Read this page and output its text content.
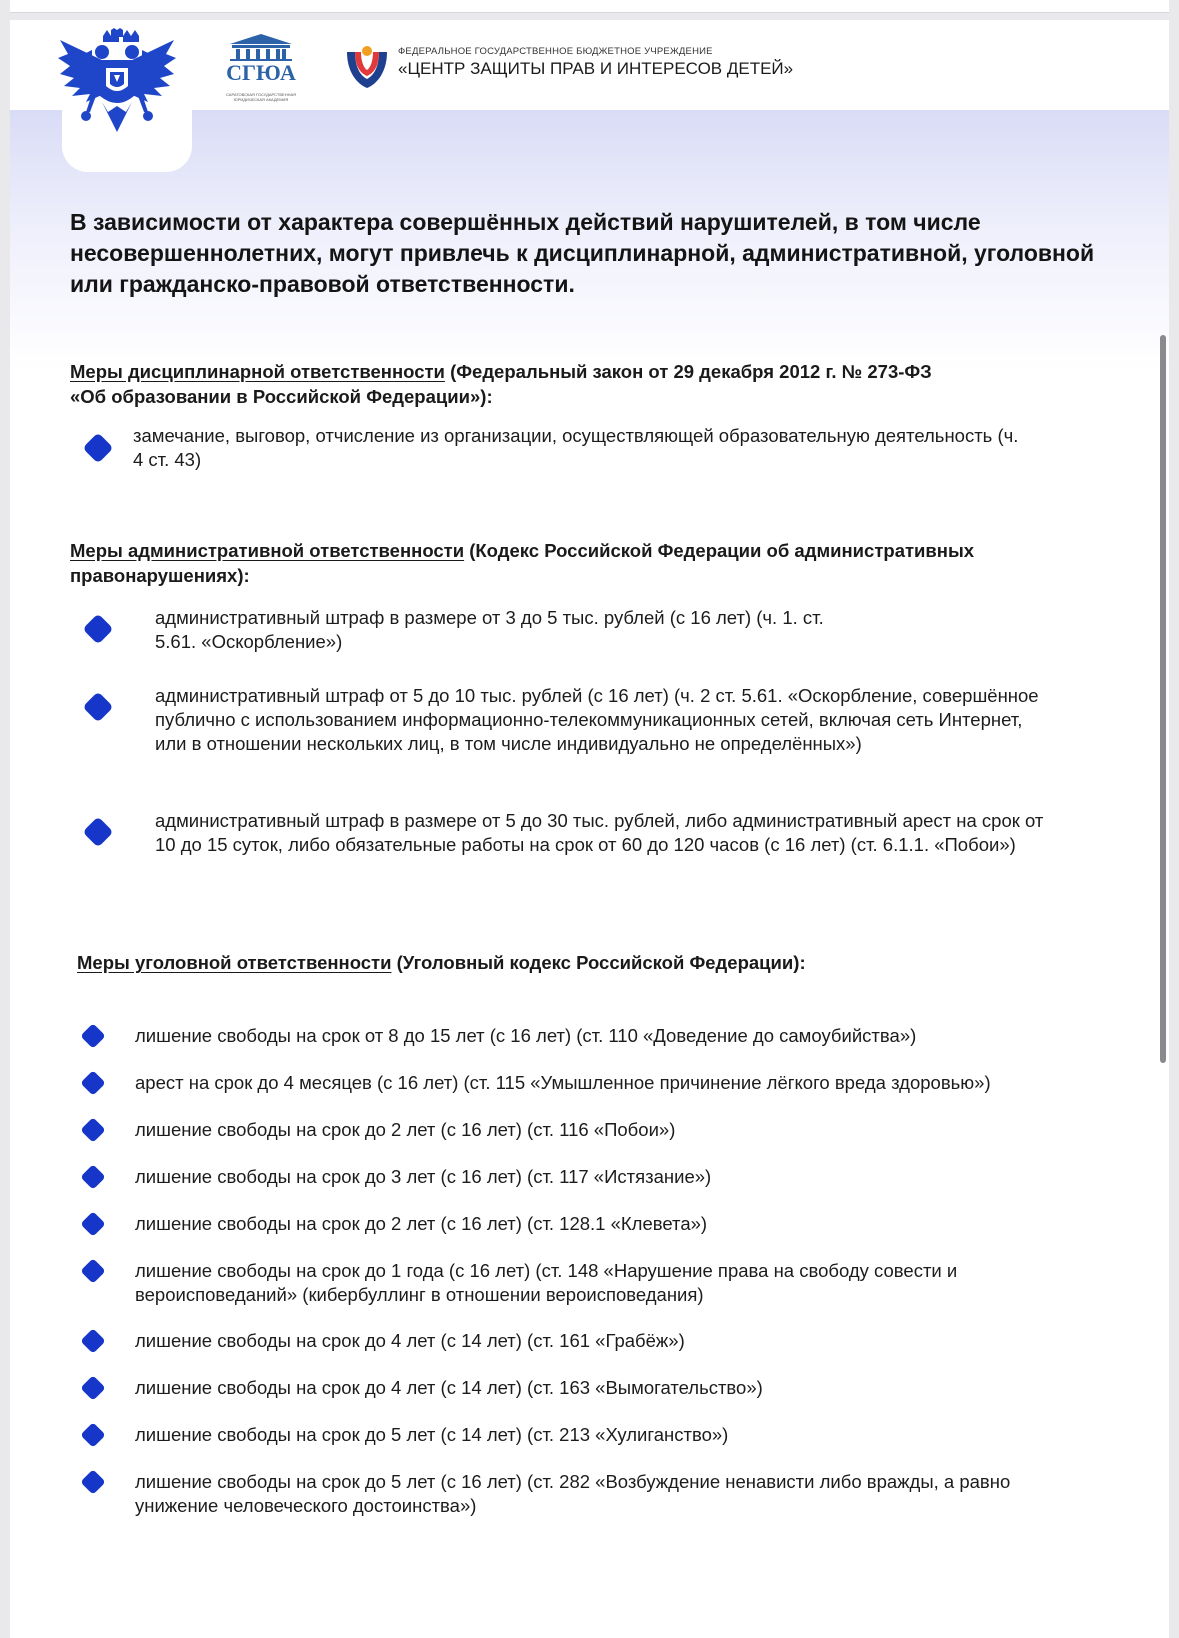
СГЮА
САРАТОВСКАЯ ГОСУДАРСТВЕННАЯ ЮРИДИЧЕСКАЯ АКАДЕМИЯ
ФЕДЕРАЛЬНОЕ ГОСУДАРСТВЕННОЕ БЮДЖЕТНОЕ УЧРЕЖДЕНИЕ
«ЦЕНТР ЗАЩИТЫ ПРАВ И ИНТЕРЕСОВ ДЕТЕЙ»
В зависимости от характера совершённых действий нарушителей, в том числе несовершеннолетних, могут привлечь к дисциплинарной, административной, уголовной или гражданско-правовой ответственности.
Меры дисциплинарной ответственности (Федеральный закон от 29 декабря 2012 г. № 273-ФЗ «Об образовании в Российской Федерации»):
замечание, выговор, отчисление из организации, осуществляющей образовательную деятельность (ч. 4 ст. 43)
Меры административной ответственности (Кодекс Российской Федерации об административных правонарушениях):
административный штраф в размере от 3 до 5 тыс. рублей (с 16 лет) (ч. 1. ст. 5.61. «Оскорбление»)
административный штраф от 5 до 10 тыс. рублей (с 16 лет) (ч. 2 ст. 5.61. «Оскорбление, совершённое публично с использованием информационно-телекоммуникационных сетей, включая сеть Интернет, или в отношении нескольких лиц, в том числе индивидуально не определённых»)
административный штраф в размере от 5 до 30 тыс. рублей, либо административный арест на срок от 10 до 15 суток, либо обязательные работы на срок от 60 до 120 часов (с 16 лет) (ст. 6.1.1. «Побои»)
Меры уголовной ответственности (Уголовный кодекс Российской Федерации):
лишение свободы на срок от 8 до 15 лет (с 16 лет) (ст. 110 «Доведение до самоубийства»)
арест на срок до 4 месяцев (с 16 лет) (ст. 115 «Умышленное причинение лёгкого вреда здоровью»)
лишение свободы на срок до 2 лет (с 16 лет) (ст. 116 «Побои»)
лишение свободы на срок до 3 лет (с 16 лет) (ст. 117 «Истязание»)
лишение свободы на срок до 2 лет (с 16 лет) (ст. 128.1 «Клевета»)
лишение свободы на срок до 1 года (с 16 лет) (ст. 148 «Нарушение права на свободу совести и вероисповеданий» (кибербуллинг в отношении вероисповедания)
лишение свободы на срок до 4 лет (с 14 лет) (ст. 161 «Грабёж»)
лишение свободы на срок до 4 лет (с 14 лет) (ст. 163 «Вымогательство»)
лишение свободы на срок до 5 лет (с 14 лет) (ст. 213 «Хулиганство»)
лишение свободы на срок до 5 лет (с 16 лет) (ст. 282 «Возбуждение ненависти либо вражды, а равно унижение человеческого достоинства»)
